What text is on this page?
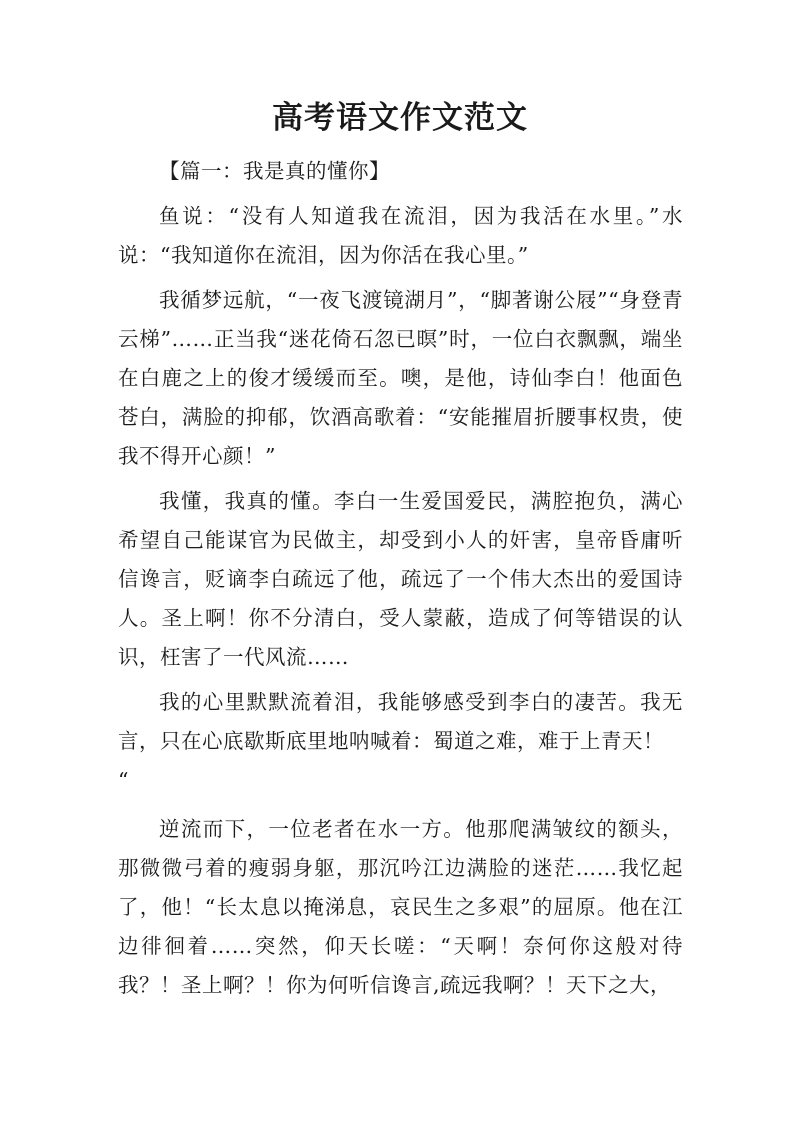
高考语文作文范文

【篇一：我是真的懂你】

鱼说：“没有人知道我在流泪，因为我活在水里。”水说：“我知道你在流泪，因为你活在我心里。”

我循梦远航，“一夜飞渡镜湖月”，“脚著谢公屐”“身登青云梯”……正当我“迷花倚石忽已暝”时，一位白衣飘飘，端坐在白鹿之上的俊才缓缓而至。噢，是他，诗仙李白！他面色苍白，满脸的抑郁，饮酒高歌着：“安能摧眉折腰事权贵，使我不得开心颜！”

我懂，我真的懂。李白一生爱国爱民，满腔抱负，满心希望自己能谋官为民做主，却受到小人的奸害，皇帝昏庸听信谗言，贬谪李白疏远了他，疏远了一个伟大杰出的爱国诗人。圣上啊！你不分清白，受人蒙蔽，造成了何等错误的认识，枉害了一代风流……

我的心里默默流着泪，我能够感受到李白的凄苦。我无言，只在心底歇斯底里地呐喊着：蜀道之难，难于上青天！

“

逆流而下，一位老者在水一方。他那爬满皱纹的额头，那微微弓着的瘦弱身躯，那沉吟江边满脸的迷茫……我忆起了，他！“长太息以掩涕息，哀民生之多艰”的屈原。他在江边徘徊着……突然，仰天长嗟：“天啊！奈何你这般对待我？！圣上啊？！你为何听信谗言,疏远我啊？！天下之大，
